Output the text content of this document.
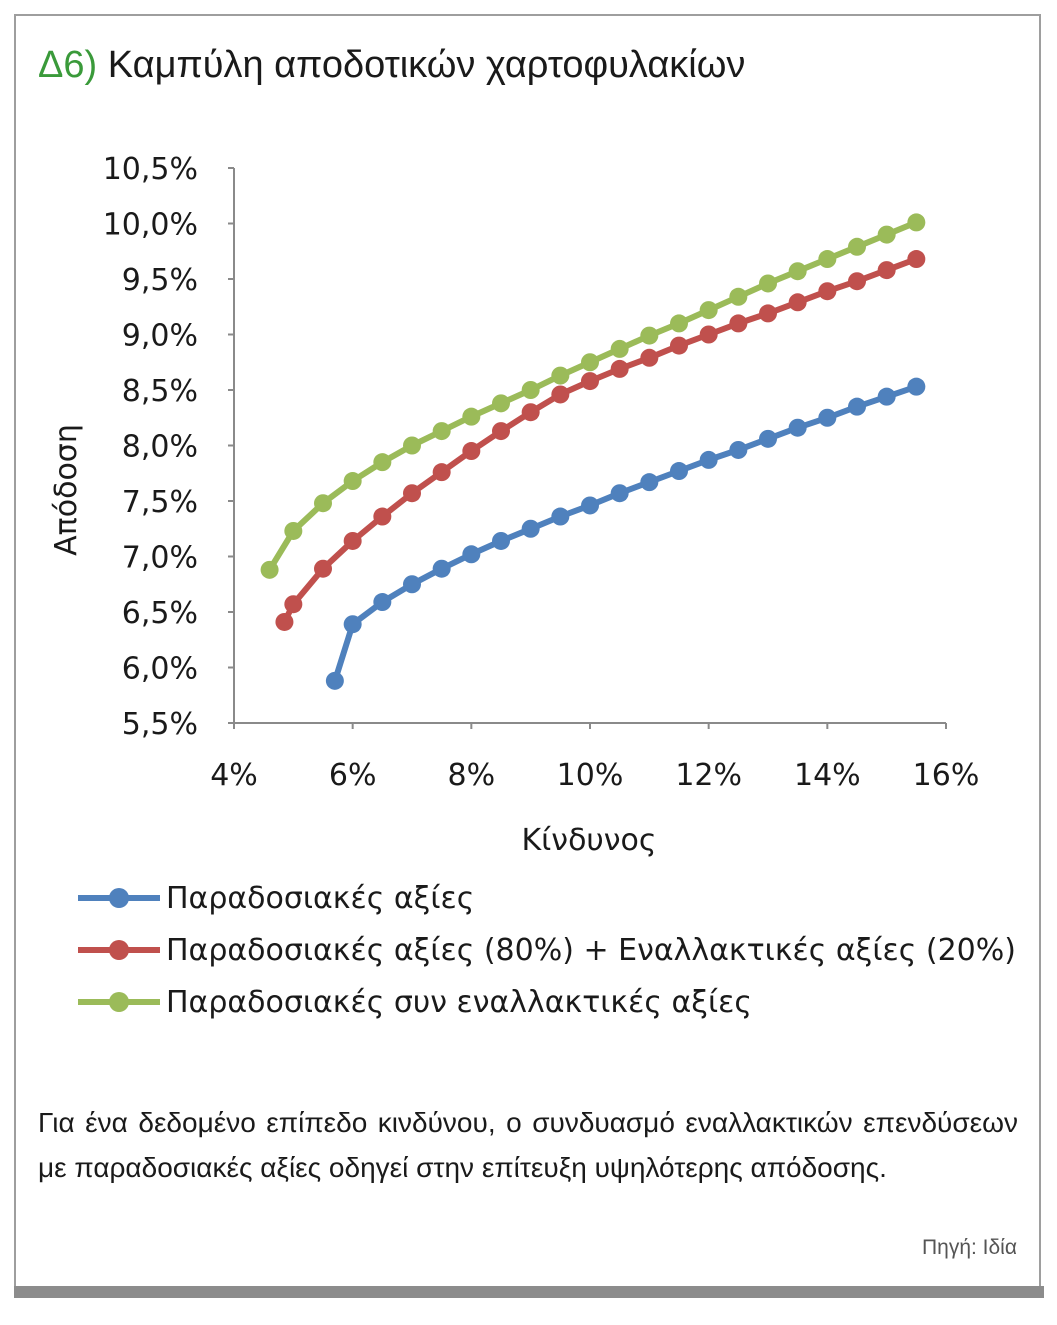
Δ6) Καμπύλη αποδοτικών χαρτοφυλακίων
5,5%
6,0%
6,5%
7,0%
7,5%
8,0%
8,5%
9,0%
9,5%
10,0%
10,5%
4% 6% 8% 10% 12% 14% 16%
Κίνδυνος
Απόδοση
Παραδοσιακές αξίες
Παραδοσιακές αξίες (80%) + Εναλλακτικές αξίες (20%)
Παραδοσιακές συν εναλλακτικές αξίες
Για ένα δεδομένο επίπεδο κινδύνου, ο συνδυασμό εναλλακτικών επενδύσεων με παραδοσιακές αξίες οδηγεί στην επίτευξη υψηλότερης απόδοσης.
Πηγή: Ιδία
